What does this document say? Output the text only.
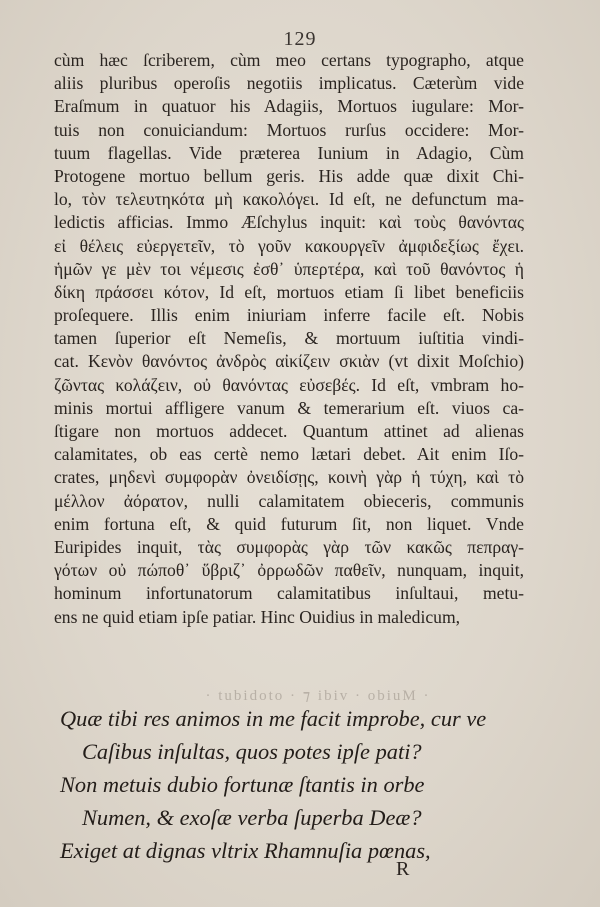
129
cùm hæc ſcriberem, cùm meo certans typographo, atque
aliis pluribus operoſis negotiis implicatus. Cæterùm vide
Eraſmum in quatuor his Adagiis, Mortuos iugulare: Mor-
tuis non conuiciandum: Mortuos rurſus occidere: Mor-
tuum flagellas. Vide præterea Iunium in Adagio, Cùm
Protogene mortuo bellum geris. His adde quæ dixit Chi-
lo, τὸν τελευτηκότα μὴ κακολόγει. Id eſt, ne defunctum ma-
ledictis afficias. Immo Æſchylus inquit: καὶ τοὺς θανόντας
εἰ θέλεις εὐεργετεῖν, τὸ γοῦν κακουργεῖν ἀμφιδεξίως ἔχει.
ἡμῶν γε μὲν τοι νέμεσις ἐσθ᾽ ὑπερτέρα, καὶ τοῦ θανόντος ἡ
δίκη πράσσει κότον, Id eſt, mortuos etiam ſi libet beneficiis
proſequere. Illis enim iniuriam inferre facile eſt. Nobis
tamen ſuperior eſt Nemeſis, & mortuum iuſtitia vindi-
cat. Κενὸν θανόντος ἀνδρὸς αἰκίζειν σκιὰν (vt dixit Moſchio)
ζῶντας κολάζειν, οὐ θανόντας εὐσεβές. Id eſt, vmbram ho-
minis mortui affligere vanum & temerarium eſt. viuos ca-
ſtigare non mortuos addecet. Quantum attinet ad alienas
calamitates, ob eas certè nemo lætari debet. Ait enim Iſo-
crates, μηδενὶ συμφορὰν ὀνειδίσῃς, κοινὴ γὰρ ἡ τύχη, καὶ τὸ
μέλλον ἀόρατον, nulli calamitatem obieceris, communis
enim fortuna eſt, & quid futurum ſit, non liquet. Vnde
Euripides inquit, τὰς συμφορὰς γὰρ τῶν κακῶς πεπραγ-
γότων οὐ πώποθ᾽ ὕβριζ᾽ ὀρρωδῶν παθεῖν, nunquam, inquit,
hominum infortunatorum calamitatibus inſultaui, metu-
ens ne quid etiam ipſe patiar. Hinc Ouidius in maledicum,
· tubidoto · ⁊ ibiv · obiuM ·
Quæ tibi res animos in me facit improbe, cur ve
Caſibus inſultas, quos potes ipſe pati?
Non metuis dubio fortunæ ſtantis in orbe
Numen, & exoſæ verba ſuperba Deæ?
Exiget at dignas vltrix Rhamnuſia pœnas,
R
